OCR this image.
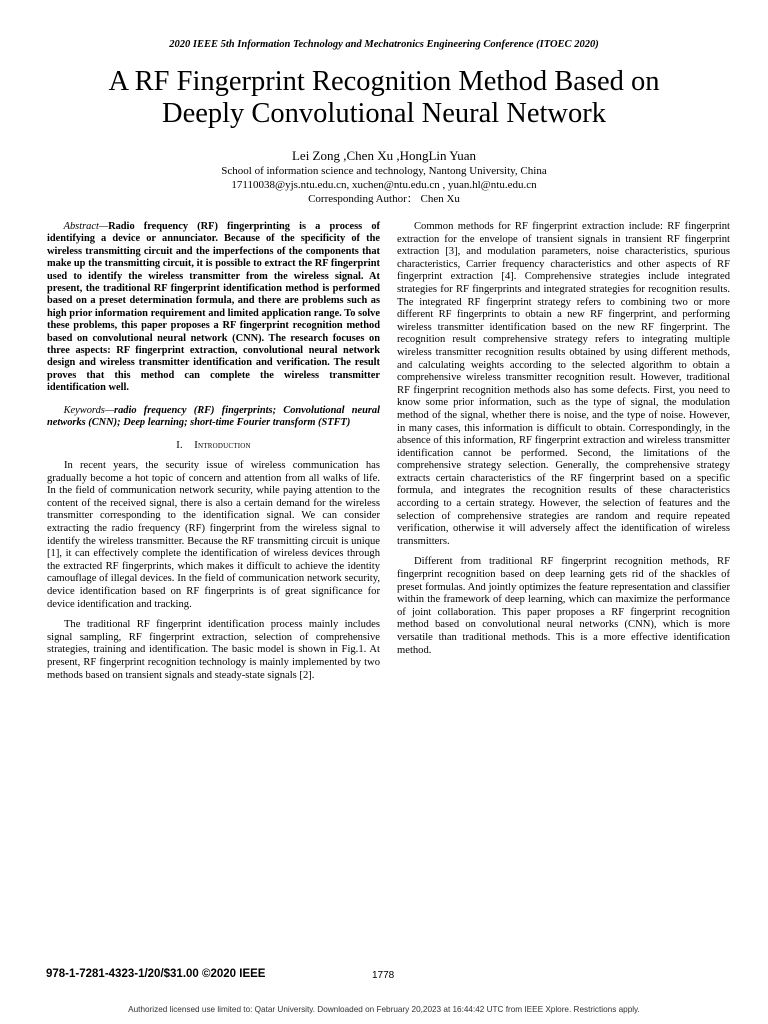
2020 IEEE 5th Information Technology and Mechatronics Engineering Conference (ITOEC 2020)
A RF Fingerprint Recognition Method Based on
Deeply Convolutional Neural Network
Lei Zong ,Chen Xu ,HongLin Yuan
School of information science and technology, Nantong University, China
17110038@yjs.ntu.edu.cn, xuchen@ntu.edu.cn , yuan.hl@ntu.edu.cn
Corresponding Author： Chen Xu

Abstract—Radio frequency (RF) fingerprinting is a process of identifying a device or annunciator. Because of the specificity of the wireless transmitting circuit and the imperfections of the components that make up the transmitting circuit, it is possible to extract the RF fingerprint used to identify the wireless transmitter from the wireless signal. At present, the traditional RF fingerprint identification method is performed based on a preset determination formula, and there are problems such as high prior information requirement and limited application range. To solve these problems, this paper proposes a RF fingerprint recognition method based on convolutional neural network (CNN). The research focuses on three aspects: RF fingerprint extraction, convolutional neural network design and wireless transmitter identification and verification. The result proves that this method can complete the wireless transmitter identification well.

Keywords—radio frequency (RF) fingerprints; Convolutional neural networks (CNN); Deep learning; short-time Fourier transform (STFT)

I. Introduction

In recent years, the security issue of wireless communication has gradually become a hot topic of concern and attention from all walks of life. In the field of communication network security, while paying attention to the content of the received signal, there is also a certain demand for the wireless transmitter corresponding to the identification signal. We can consider extracting the radio frequency (RF) fingerprint from the wireless signal to identify the wireless transmitter. Because the RF transmitting circuit is unique [1], it can effectively complete the identification of wireless devices through the extracted RF fingerprints, which makes it difficult to achieve the identity camouflage of illegal devices. In the field of communication network security, device identification based on RF fingerprints is of great significance for device identification and tracking.

The traditional RF fingerprint identification process mainly includes signal sampling, RF fingerprint extraction, selection of comprehensive strategies, training and identification. The basic model is shown in Fig.1. At present, RF fingerprint recognition technology is mainly implemented by two methods based on transient signals and steady-state signals [2].

Common methods for RF fingerprint extraction include: RF fingerprint extraction for the envelope of transient signals in transient RF fingerprint extraction [3], and modulation parameters, noise characteristics, spurious characteristics, Carrier frequency characteristics and other aspects of RF fingerprint extraction [4]. Comprehensive strategies include integrated strategies for RF fingerprints and integrated strategies for recognition results. The integrated RF fingerprint strategy refers to combining two or more different RF fingerprints to obtain a new RF fingerprint, and performing wireless transmitter identification based on the new RF fingerprint. The recognition result comprehensive strategy refers to integrating multiple wireless transmitter recognition results obtained by using different methods, and calculating weights according to the selected algorithm to obtain a comprehensive wireless transmitter recognition result. However, traditional RF fingerprint recognition methods also has some defects. First, you need to know some prior information, such as the type of signal, the modulation method of the signal, whether there is noise, and the type of noise. However, in many cases, this information is difficult to obtain. Correspondingly, in the absence of this information, RF fingerprint extraction and wireless transmitter identification cannot be performed. Second, the limitations of the comprehensive strategy selection. Generally, the comprehensive strategy extracts certain characteristics of the RF fingerprint based on a specific formula, and integrates the recognition results of these characteristics according to a certain strategy. However, the selection of features and the selection of comprehensive strategies are random and require repeated verification, otherwise it will adversely affect the identification of wireless transmitters.

Different from traditional RF fingerprint recognition methods, RF fingerprint recognition based on deep learning gets rid of the shackles of preset formulas. And jointly optimizes the feature representation and classifier within the framework of deep learning, which can maximize the performance of joint collaboration. This paper proposes a RF fingerprint recognition method based on convolutional neural networks (CNN), which is more versatile than traditional methods. This is a more effective identification method.

978-1-7281-4323-1/20/$31.00 ©2020 IEEE	1778
Authorized licensed use limited to: Qatar University. Downloaded on February 20,2023 at 16:44:42 UTC from IEEE Xplore. Restrictions apply.
